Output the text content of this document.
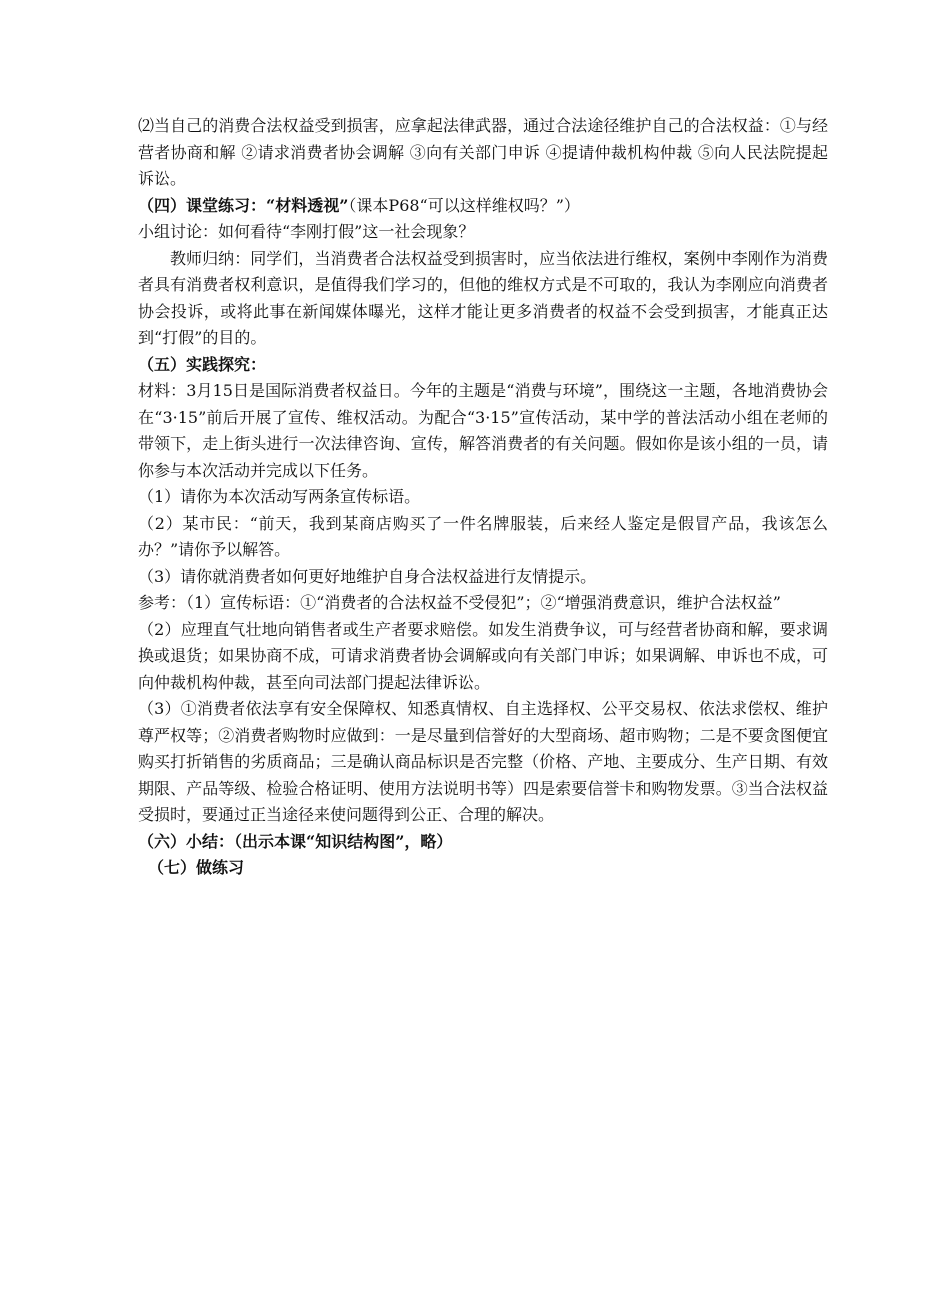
⑵当自己的消费合法权益受到损害，应拿起法律武器，通过合法途径维护自己的合法权益：①与经营者协商和解 ②请求消费者协会调解 ③向有关部门申诉 ④提请仲裁机构仲裁 ⑤向人民法院提起诉讼。

（四）课堂练习：“材料透视”（课本P68“可以这样维权吗？”）

小组讨论：如何看待“李刚打假”这一社会现象？

教师归纳：同学们，当消费者合法权益受到损害时，应当依法进行维权，案例中李刚作为消费者具有消费者权利意识，是值得我们学习的，但他的维权方式是不可取的，我认为李刚应向消费者协会投诉，或将此事在新闻媒体曝光，这样才能让更多消费者的权益不会受到损害，才能真正达到“打假”的目的。

（五）实践探究：

材料：3月15日是国际消费者权益日。今年的主题是“消费与环境”，围绕这一主题，各地消费协会在“3·15”前后开展了宣传、维权活动。为配合“3·15”宣传活动，某中学的普法活动小组在老师的带领下，走上街头进行一次法律咨询、宣传，解答消费者的有关问题。假如你是该小组的一员，请你参与本次活动并完成以下任务。

（1）请你为本次活动写两条宣传标语。

（2）某市民：“前天，我到某商店购买了一件名牌服装，后来经人鉴定是假冒产品，我该怎么办？”请你予以解答。

（3）请你就消费者如何更好地维护自身合法权益进行友情提示。

参考：（1）宣传标语：①“消费者的合法权益不受侵犯”；②“增强消费意识，维护合法权益”

（2）应理直气壮地向销售者或生产者要求赔偿。如发生消费争议，可与经营者协商和解，要求调换或退货；如果协商不成，可请求消费者协会调解或向有关部门申诉；如果调解、申诉也不成，可向仲裁机构仲裁，甚至向司法部门提起法律诉讼。

（3）①消费者依法享有安全保障权、知悉真情权、自主选择权、公平交易权、依法求偿权、维护尊严权等；②消费者购物时应做到：一是尽量到信誉好的大型商场、超市购物；二是不要贪图便宜购买打折销售的劣质商品；三是确认商品标识是否完整（价格、产地、主要成分、生产日期、有效期限、产品等级、检验合格证明、使用方法说明书等）四是索要信誉卡和购物发票。③当合法权益受损时，要通过正当途径来使问题得到公正、合理的解决。

（六）小结：（出示本课“知识结构图”，略）

（七）做练习
